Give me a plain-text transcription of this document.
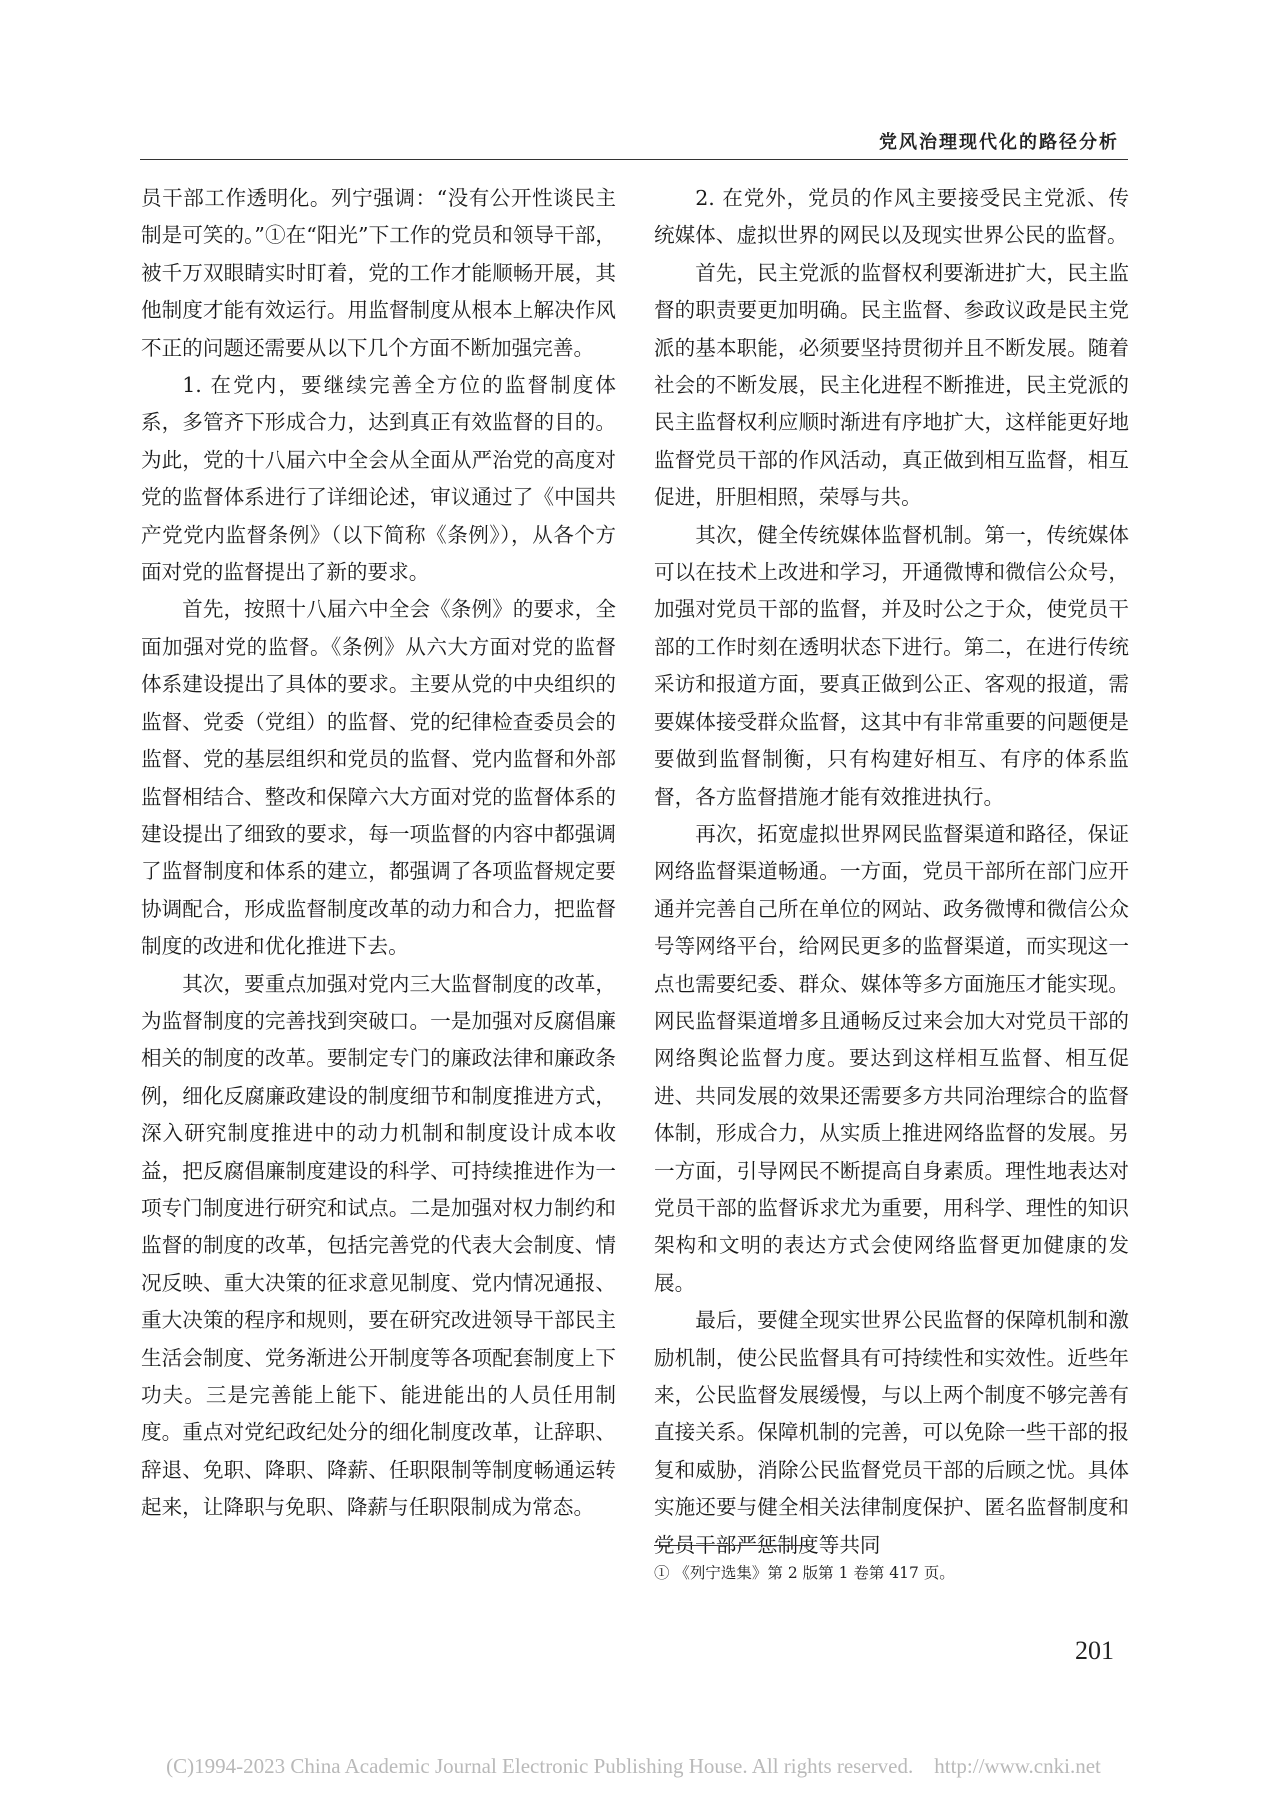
党风治理现代化的路径分析

员干部工作透明化。列宁强调：“没有公开性谈民主制是可笑的。”①在“阳光”下工作的党员和领导干部，被千万双眼睛实时盯着，党的工作才能顺畅开展，其他制度才能有效运行。用监督制度从根本上解决作风不正的问题还需要从以下几个方面不断加强完善。

1. 在党内，要继续完善全方位的监督制度体系，多管齐下形成合力，达到真正有效监督的目的。为此，党的十八届六中全会从全面从严治党的高度对党的监督体系进行了详细论述，审议通过了《中国共产党党内监督条例》（以下简称《条例》），从各个方面对党的监督提出了新的要求。

首先，按照十八届六中全会《条例》的要求，全面加强对党的监督。《条例》从六大方面对党的监督体系建设提出了具体的要求。主要从党的中央组织的监督、党委（党组）的监督、党的纪律检查委员会的监督、党的基层组织和党员的监督、党内监督和外部监督相结合、整改和保障六大方面对党的监督体系的建设提出了细致的要求，每一项监督的内容中都强调了监督制度和体系的建立，都强调了各项监督规定要协调配合，形成监督制度改革的动力和合力，把监督制度的改进和优化推进下去。

其次，要重点加强对党内三大监督制度的改革，为监督制度的完善找到突破口。一是加强对反腐倡廉相关的制度的改革。要制定专门的廉政法律和廉政条例，细化反腐廉政建设的制度细节和制度推进方式，深入研究制度推进中的动力机制和制度设计成本收益，把反腐倡廉制度建设的科学、可持续推进作为一项专门制度进行研究和试点。二是加强对权力制约和监督的制度的改革，包括完善党的代表大会制度、情况反映、重大决策的征求意见制度、党内情况通报、重大决策的程序和规则，要在研究改进领导干部民主生活会制度、党务渐进公开制度等各项配套制度上下功夫。三是完善能上能下、能进能出的人员任用制度。重点对党纪政纪处分的细化制度改革，让辞职、辞退、免职、降职、降薪、任职限制等制度畅通运转起来，让降职与免职、降薪与任职限制成为常态。

2. 在党外，党员的作风主要接受民主党派、传统媒体、虚拟世界的网民以及现实世界公民的监督。

首先，民主党派的监督权利要渐进扩大，民主监督的职责要更加明确。民主监督、参政议政是民主党派的基本职能，必须要坚持贯彻并且不断发展。随着社会的不断发展，民主化进程不断推进，民主党派的民主监督权利应顺时渐进有序地扩大，这样能更好地监督党员干部的作风活动，真正做到相互监督，相互促进，肝胆相照，荣辱与共。

其次，健全传统媒体监督机制。第一，传统媒体可以在技术上改进和学习，开通微博和微信公众号，加强对党员干部的监督，并及时公之于众，使党员干部的工作时刻在透明状态下进行。第二，在进行传统采访和报道方面，要真正做到公正、客观的报道，需要媒体接受群众监督，这其中有非常重要的问题便是要做到监督制衡，只有构建好相互、有序的体系监督，各方监督措施才能有效推进执行。

再次，拓宽虚拟世界网民监督渠道和路径，保证网络监督渠道畅通。一方面，党员干部所在部门应开通并完善自己所在单位的网站、政务微博和微信公众号等网络平台，给网民更多的监督渠道，而实现这一点也需要纪委、群众、媒体等多方面施压才能实现。网民监督渠道增多且通畅反过来会加大对党员干部的网络舆论监督力度。要达到这样相互监督、相互促进、共同发展的效果还需要多方共同治理综合的监督体制，形成合力，从实质上推进网络监督的发展。另一方面，引导网民不断提高自身素质。理性地表达对党员干部的监督诉求尤为重要，用科学、理性的知识架构和文明的表达方式会使网络监督更加健康的发展。

最后，要健全现实世界公民监督的保障机制和激励机制，使公民监督具有可持续性和实效性。近些年来，公民监督发展缓慢，与以上两个制度不够完善有直接关系。保障机制的完善，可以免除一些干部的报复和威胁，消除公民监督党员干部的后顾之忧。具体实施还要与健全相关法律制度保护、匿名监督制度和党员干部严惩制度等共同

① 《列宁选集》第 2 版第 1 卷第 417 页。
201
(C)1994-2023 China Academic Journal Electronic Publishing House. All rights reserved.    http://www.cnki.net
